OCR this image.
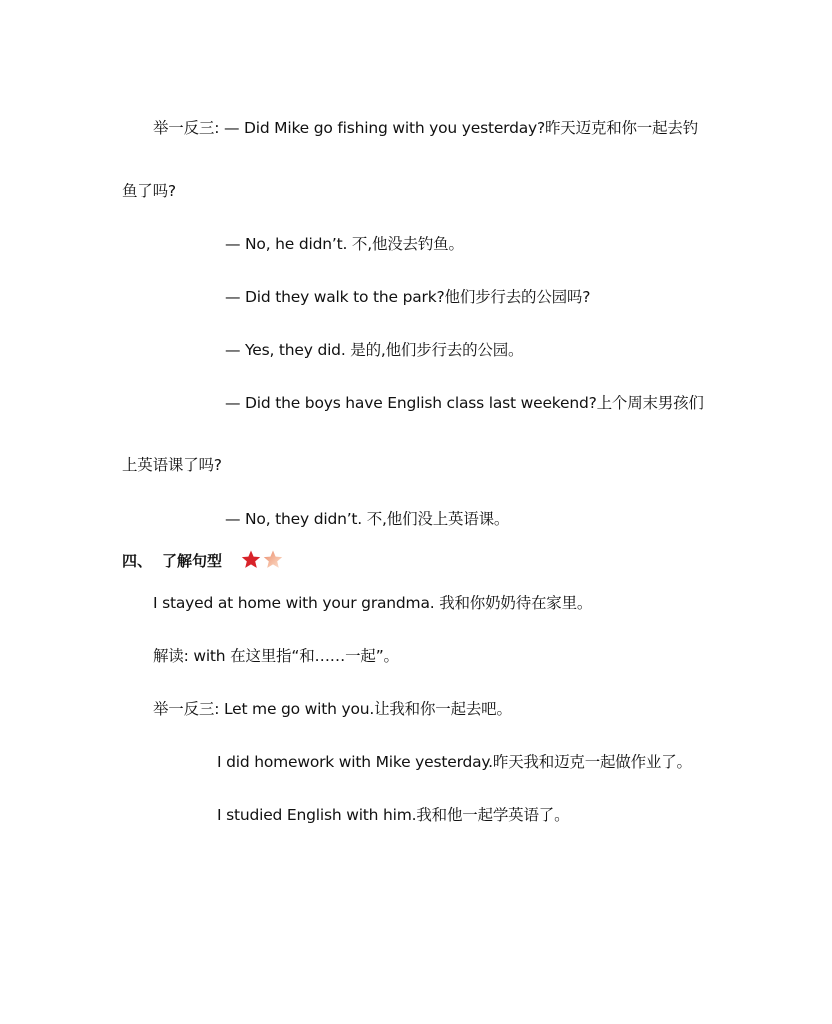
举一反三: — Did Mike go fishing with you yesterday?昨天迈克和你一起去钓
鱼了吗?
— No, he didn’t. 不,他没去钓鱼。
— Did they walk to the park?他们步行去的公园吗?
— Yes, they did. 是的,他们步行去的公园。
— Did the boys have English class last weekend?上个周末男孩们
上英语课了吗?
— No, they didn’t. 不,他们没上英语课。
四、 了解句型
I stayed at home with your grandma. 我和你奶奶待在家里。
解读: with 在这里指“和……一起”。
举一反三: Let me go with you.让我和你一起去吧。
I did homework with Mike yesterday.昨天我和迈克一起做作业了。
I studied English with him.我和他一起学英语了。
